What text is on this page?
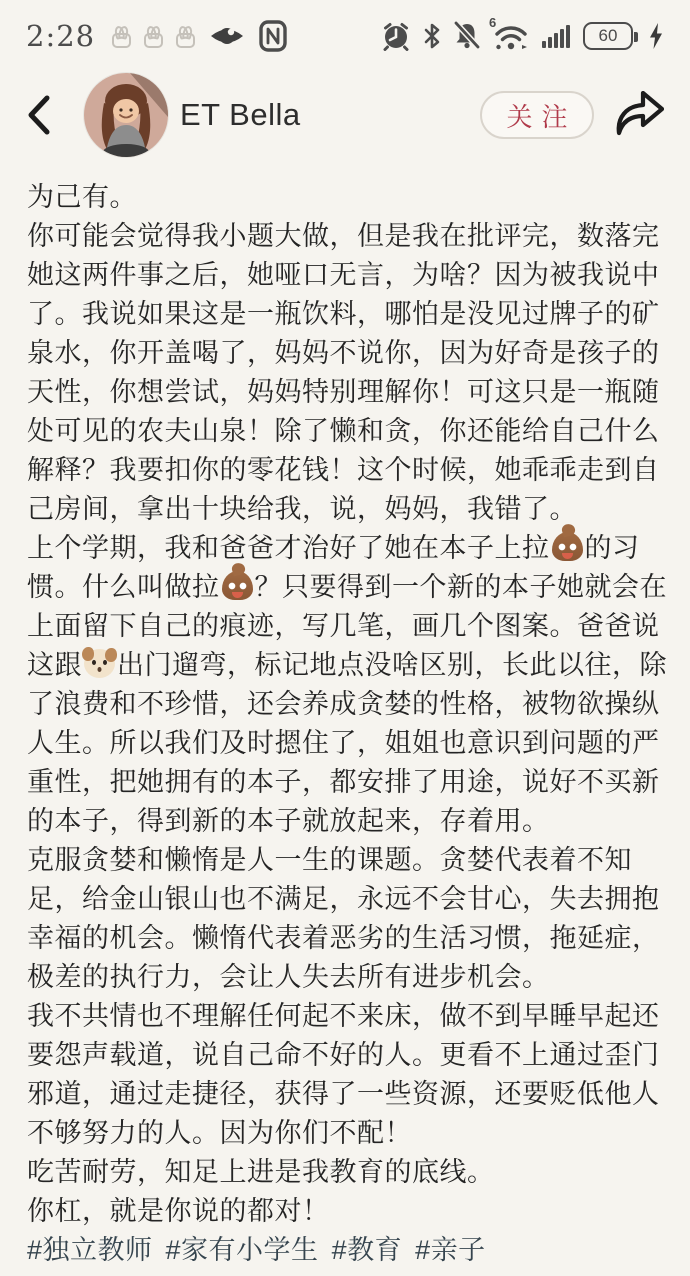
2:28	6
60
ET Bella	关注
为己有。
你可能会觉得我小题大做，但是我在批评完，数落完
她这两件事之后，她哑口无言，为啥？因为被我说中
了。我说如果这是一瓶饮料，哪怕是没见过牌子的矿
泉水，你开盖喝了，妈妈不说你，因为好奇是孩子的
天性，你想尝试，妈妈特别理解你！可这只是一瓶随
处可见的农夫山泉！除了懒和贪，你还能给自己什么
解释？我要扣你的零花钱！这个时候，她乖乖走到自
己房间，拿出十块给我，说，妈妈，我错了。
上个学期，我和爸爸才治好了她在本子上拉 的习
惯。什么叫做拉 ？只要得到一个新的本子她就会在
上面留下自己的痕迹，写几笔，画几个图案。爸爸说
这跟 出门遛弯，标记地点没啥区别，长此以往，除
了浪费和不珍惜，还会养成贪婪的性格，被物欲操纵
人生。所以我们及时摁住了，姐姐也意识到问题的严
重性，把她拥有的本子，都安排了用途，说好不买新
的本子，得到新的本子就放起来，存着用。
克服贪婪和懒惰是人一生的课题。贪婪代表着不知
足，给金山银山也不满足，永远不会甘心，失去拥抱
幸福的机会。懒惰代表着恶劣的生活习惯，拖延症，
极差的执行力，会让人失去所有进步机会。
我不共情也不理解任何起不来床，做不到早睡早起还
要怨声载道，说自己命不好的人。更看不上通过歪门
邪道，通过走捷径，获得了一些资源，还要贬低他人
不够努力的人。因为你们不配！
吃苦耐劳，知足上进是我教育的底线。
你杠，就是你说的都对！
#独立教师 #家有小学生 #教育 #亲子
